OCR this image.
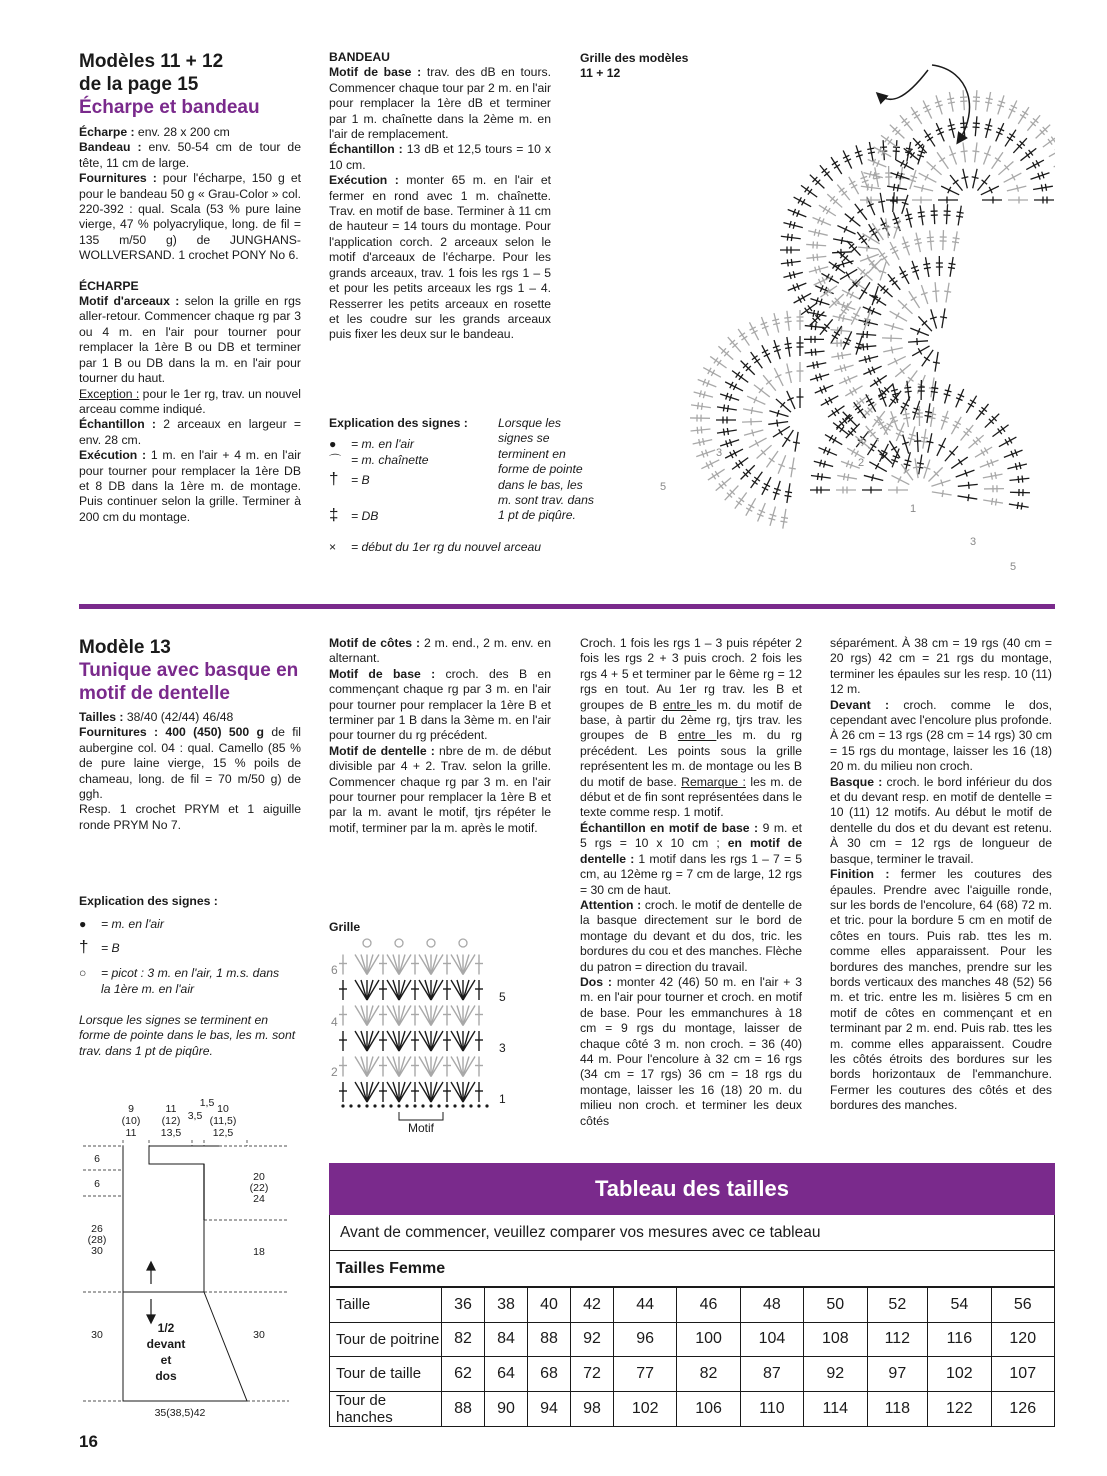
Modèles 11 + 12
de la page 15
Écharpe et bandeau

Écharpe : env. 28 x 200 cm

Bandeau : env. 50-54 cm de tour de tête, 11 cm de large.

Fournitures : pour l'écharpe, 150 g et pour le bandeau 50 g « Grau-Color » col. 220-392 : qual. Scala (53 % pure laine vierge, 47 % polyacrylique, long. de fil = 135 m/50 g) de JUNGHANS-WOLLVERSAND. 1 crochet PONY No 6.

ÉCHARPE

Motif d'arceaux : selon la grille en rgs aller-retour. Commencer chaque rg par 3 ou 4 m. en l'air pour tourner pour remplacer la 1ère B ou DB et terminer par 1 B ou DB dans la m. en l'air pour tourner du haut.

Exception : pour le 1er rg, trav. un nouvel arceau comme indiqué.

Échantillon : 2 arceaux en largeur = env. 28 cm.

Exécution : 1 m. en l'air + 4 m. en l'air pour tourner pour remplacer la 1ère DB et 8 DB dans la 1ère m. de montage. Puis continuer selon la grille. Terminer à 200 cm du montage.

BANDEAU

Motif de base : trav. des dB en tours. Commencer chaque tour par 2 m. en l'air pour remplacer la 1ère dB et terminer par 1 m. chaînette dans la 2ème m. en l'air de remplacement.

Échantillon : 13 dB et 12,5 tours = 10 x 10 cm.

Exécution : monter 65 m. en l'air et fermer en rond avec 1 m. chaînette. Trav. en motif de base. Terminer à 11 cm de hauteur = 14 tours du montage. Pour l'application corch. 2 arceaux selon le motif d'arceaux de l'écharpe. Pour les grands arceaux, trav. 1 fois les rgs 1 – 5 et pour les petits arceaux les rgs 1 – 4. Resserrer les petits arceaux en rosette et les coudre sur les grands arceaux puis fixer les deux sur le bandeau.

Explication des signes :

● = m. en l'air

⌒ = m. chaînette

† = B

‡ = DB

× = début du 1er rg du nouvel arceau

Lorsque les signes se terminent en forme de pointe dans le bas, les m. sont trav. dans 1 pt de piqûre.

Grille des modèles

11 + 12

3
5
2
1
3
5
Modèle 13
Tunique avec basque en
motif de dentelle

Tailles : 38/40 (42/44) 46/48

Fournitures : 400 (450) 500 g de fil aubergine col. 04 : qual. Camello (85 % de pure laine vierge, 15 % poils de chameau, long. de fil = 70 m/50 g) de ggh.

Resp. 1 crochet PRYM et 1 aiguille ronde PRYM No 7.

Explication des signes :

● = m. en l'air

† = B

○	= picot : 3 m. en l'air, 1 m.s. dans la 1ère m. en l'air

Lorsque les signes se terminent en forme de pointe dans le bas, les m. sont trav. dans 1 pt de piqûre.

9
(10)
11
11
(12)
13,5
3,5
1,5 10
(11,5)
12,5
6
6
26
(28)
30
30
20
(22)
24
18
30
35(38,5)42
1/2
devant
et
dos

Motif de côtes : 2 m. end., 2 m. env. en alternant.

Motif de base : croch. des B en commençant chaque rg par 3 m. en l'air pour tourner pour remplacer la 1ère B et terminer par 1 B dans la 3ème m. en l'air pour tourner du rg précédent.

Motif de dentelle : nbre de m. de début divisible par 4 + 2. Trav. selon la grille. Commencer chaque rg par 3 m. en l'air pour tourner pour remplacer la 1ère B et par la m. avant le motif, tjrs répéter le motif, terminer par la m. après le motif.

Grille
6
4
2
5
3
1
Motif

Croch. 1 fois les rgs 1 – 3 puis répéter 2 fois les rgs 2 + 3 puis croch. 2 fois les rgs 4 + 5 et terminer par le 6ème rg = 12 rgs en tout. Au 1er rg trav. les B et groupes de B entre les m. du motif de base, à partir du 2ème rg, tjrs trav. les groupes de B entre les m. du rg précédent. Les points sous la grille représentent les m. de montage ou les B du motif de base. Remarque : les m. de début et de fin sont représentées dans le texte comme resp. 1 motif.

Échantillon en motif de base : 9 m. et 5 rgs = 10 x 10 cm ; en motif de dentelle : 1 motif dans les rgs 1 – 7 = 5 cm, au 12ème rg = 7 cm de large, 12 rgs = 30 cm de haut.

Attention : croch. le motif de dentelle de la basque directement sur le bord de montage du devant et du dos, tric. les bordures du cou et des manches. Flèche du patron = direction du travail.

Dos : monter 42 (46) 50 m. en l'air + 3 m. en l'air pour tourner et croch. en motif de base. Pour les emmanchures à 18 cm = 9 rgs du montage, laisser de chaque côté 3 m. non croch. = 36 (40) 44 m. Pour l'encolure à 32 cm = 16 rgs (34 cm = 17 rgs) 36 cm = 18 rgs du montage, laisser les 16 (18) 20 m. du milieu non croch. et terminer les deux côtés

séparément. À 38 cm = 19 rgs (40 cm = 20 rgs) 42 cm = 21 rgs du montage, terminer les épaules sur les resp. 10 (11) 12 m.

Devant : croch. comme le dos, cependant avec l'encolure plus profonde. À 26 cm = 13 rgs (28 cm = 14 rgs) 30 cm = 15 rgs du montage, laisser les 16 (18) 20 m. du milieu non croch.

Basque : croch. le bord inférieur du dos et du devant resp. en motif de dentelle = 10 (11) 12 motifs. Au début le motif de dentelle du dos et du devant est retenu. À 30 cm = 12 rgs de longueur de basque, terminer le travail.

Finition : fermer les coutures des épaules. Prendre avec l'aiguille ronde, sur les bords de l'encolure, 64 (68) 72 m. et tric. pour la bordure 5 cm en motif de côtes en tours. Puis rab. ttes les m. comme elles apparaissent. Pour les bordures des manches, prendre sur les bords verticaux des manches 48 (52) 56 m. et tric. entre les m. lisières 5 cm en motif de côtes en commençant et en terminant par 2 m. end. Puis rab. ttes les m. comme elles apparaissent. Coudre les côtés étroits des bordures sur les bords horizontaux de l'emmanchure. Fermer les coutures des côtés et des bordures des manches.

Tableau des tailles
Avant de commencer, veuillez comparer vos mesures avec ce tableau
Tailles Femme
Taille	36	38	40	42	44	46	48	50	52	54	56
Tour de poitrine	82	84	88	92	96	100	104	108	112	116	120
Tour de taille	62	64	68	72	77	82	87	92	97	102	107
Tour de hanches	88	90	94	98	102	106	110	114	118	122	126
16
